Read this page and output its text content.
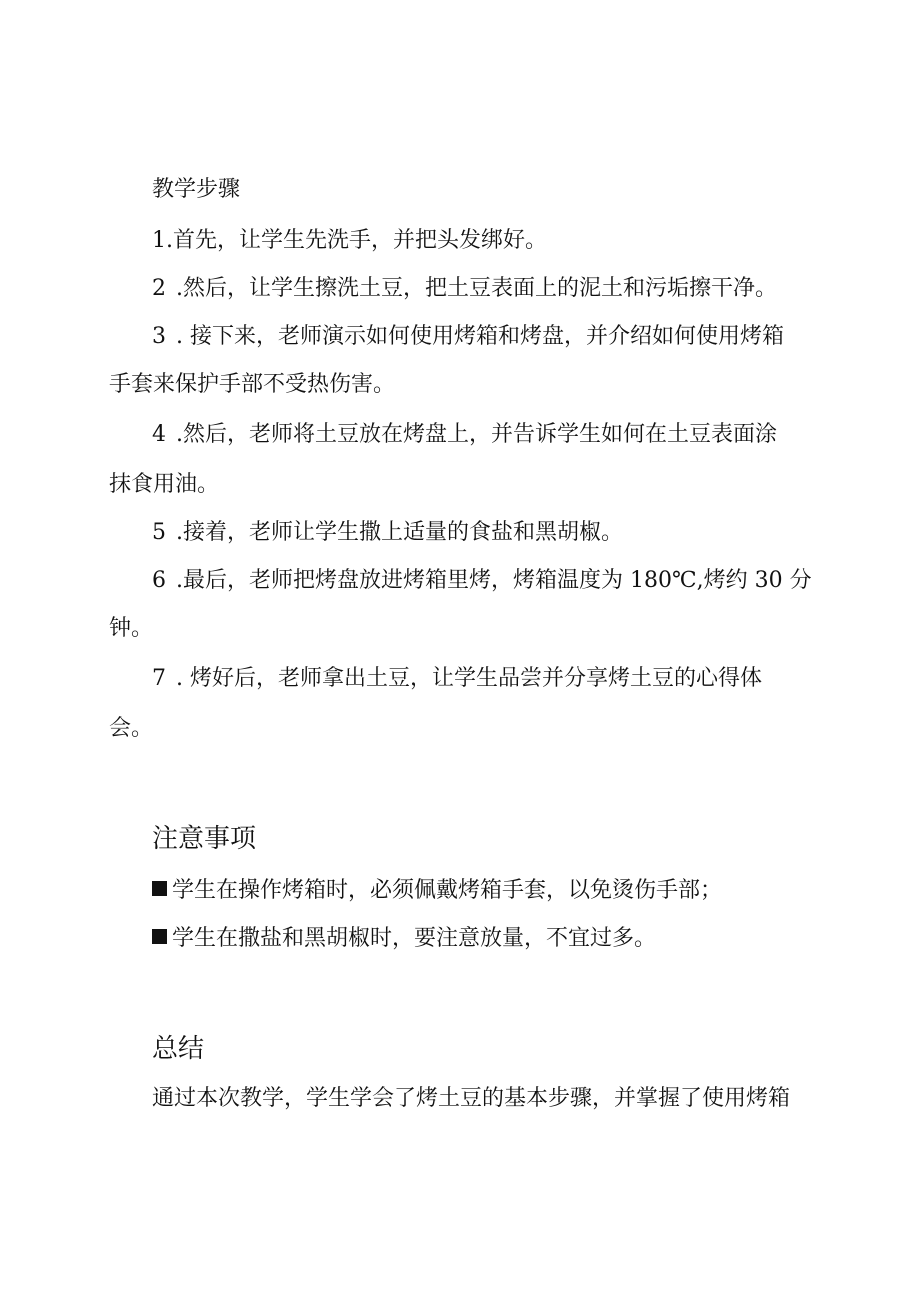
教学步骤
1.首先，让学生先洗手，并把头发绑好。
2 .然后，让学生擦洗土豆，把土豆表面上的泥土和污垢擦干净。
3 . 接下来，老师演示如何使用烤箱和烤盘，并介绍如何使用烤箱
手套来保护手部不受热伤害。
4 .然后，老师将土豆放在烤盘上，并告诉学生如何在土豆表面涂
抹食用油。
5 .接着，老师让学生撒上适量的食盐和黑胡椒。
6 .最后，老师把烤盘放进烤箱里烤，烤箱温度为 180℃,烤约 30 分
钟。
7 . 烤好后，老师拿出土豆，让学生品尝并分享烤土豆的心得体
会。
注意事项
学生在操作烤箱时，必须佩戴烤箱手套，以免烫伤手部；
学生在撒盐和黑胡椒时，要注意放量，不宜过多。
总结
通过本次教学，学生学会了烤土豆的基本步骤，并掌握了使用烤箱
